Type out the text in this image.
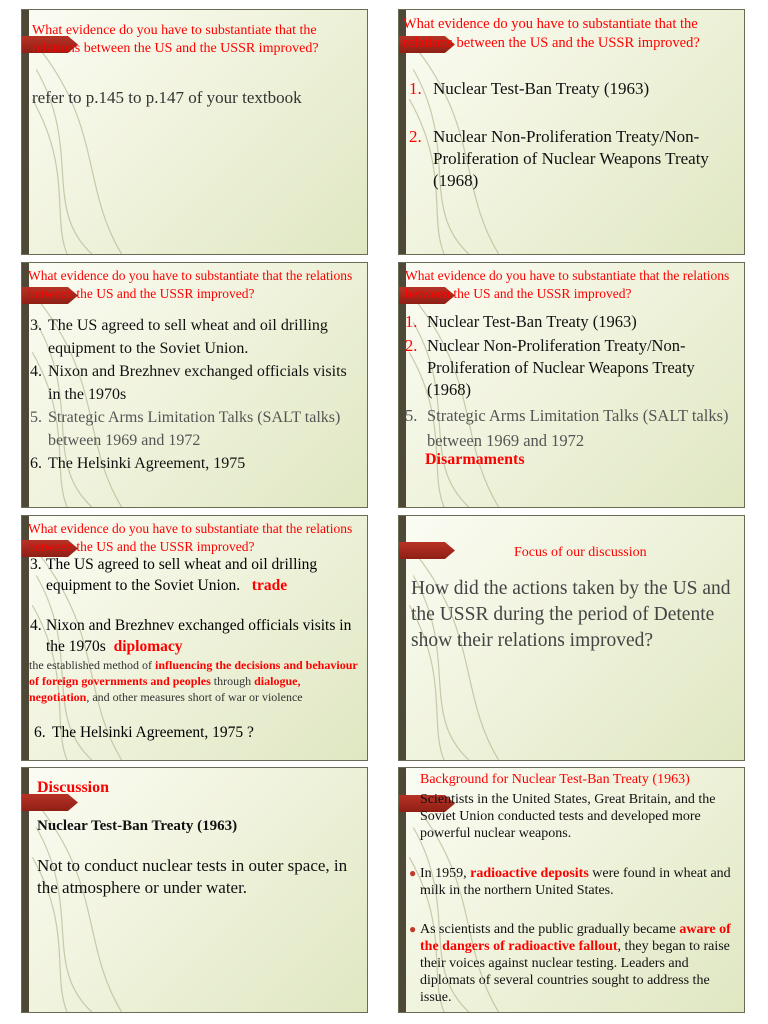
What evidence do you have to substantiate that the relations between the US and the USSR improved?
refer to p.145 to p.147 of your textbook
What evidence do you have to substantiate that the relations between the US and the USSR improved?
1. Nuclear Test-Ban Treaty (1963)
2. Nuclear Non-Proliferation Treaty/Non-Proliferation of Nuclear Weapons Treaty (1968)
What evidence do you have to substantiate that the relations between the US and the USSR improved?
3. The US agreed to sell wheat and oil drilling equipment to the Soviet Union.
4. Nixon and Brezhnev exchanged officials visits in the 1970s
5. Strategic Arms Limitation Talks (SALT talks) between 1969 and 1972
6. The Helsinki Agreement, 1975
What evidence do you have to substantiate that the relations between the US and the USSR improved?
1. Nuclear Test-Ban Treaty (1963)
2. Nuclear Non-Proliferation Treaty/Non-Proliferation of Nuclear Weapons Treaty (1968)
5. Strategic Arms Limitation Talks (SALT talks) between 1969 and 1972
Disarmaments
What evidence do you have to substantiate that the relations between the US and the USSR improved?
3. The US agreed to sell wheat and oil drilling equipment to the Soviet Union. trade
4. Nixon and Brezhnev exchanged officials visits in the 1970s diplomacy
the established method of influencing the decisions and behaviour of foreign governments and peoples through dialogue, negotiation, and other measures short of war or violence
6. The Helsinki Agreement, 1975 ?
Focus of our discussion
How did the actions taken by the US and the USSR during the period of Detente show their relations improved?
Discussion
Nuclear Test-Ban Treaty (1963)
Not to conduct nuclear tests in outer space, in the atmosphere or under water.
Background for Nuclear Test-Ban Treaty (1963)
Scientists in the United States, Great Britain, and the Soviet Union conducted tests and developed more powerful nuclear weapons.
● In 1959, radioactive deposits were found in wheat and milk in the northern United States.
● As scientists and the public gradually became aware of the dangers of radioactive fallout, they began to raise their voices against nuclear testing. Leaders and diplomats of several countries sought to address the issue.
